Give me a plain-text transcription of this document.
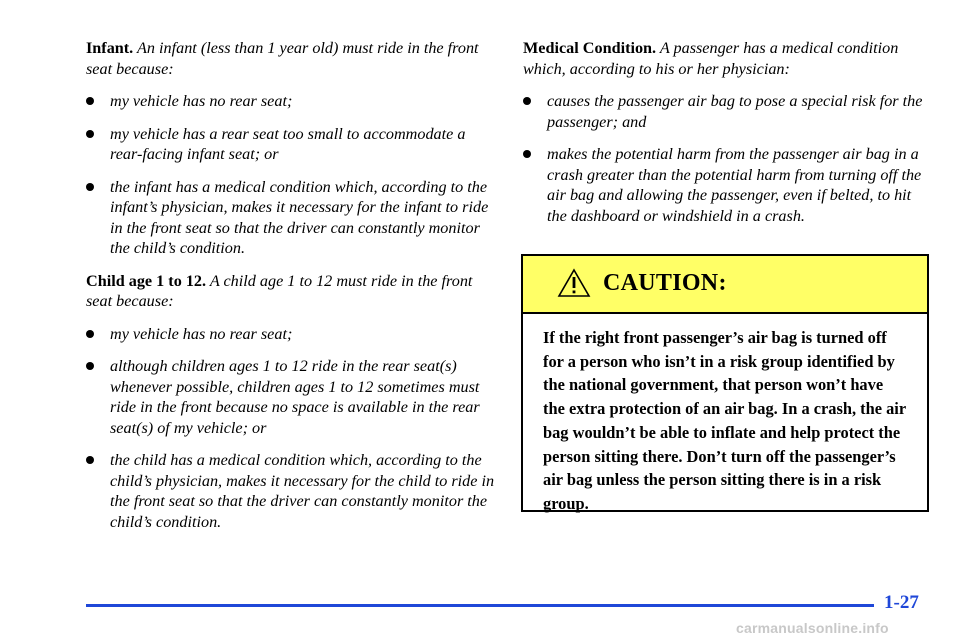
Infant. An infant (less than 1 year old) must ride in the front seat because:

my vehicle has no rear seat;
my vehicle has a rear seat too small to accommodate a rear-facing infant seat; or
the infant has a medical condition which, according to the infant’s physician, makes it necessary for the infant to ride in the front seat so that the driver can constantly monitor the child’s condition.

Child age 1 to 12. A child age 1 to 12 must ride in the front seat because:

my vehicle has no rear seat;
although children ages 1 to 12 ride in the rear seat(s) whenever possible, children ages 1 to 12 sometimes must ride in the front because no space is available in the rear seat(s) of my vehicle; or
the child has a medical condition which, according to the child’s physician, makes it necessary for the child to ride in the front seat so that the driver can constantly monitor the child’s condition.

Medical Condition. A passenger has a medical condition which, according to his or her physician:

causes the passenger air bag to pose a special risk for the passenger; and
makes the potential harm from the passenger air bag in a crash greater than the potential harm from turning off the air bag and allowing the passenger, even if belted, to hit the dashboard or windshield in a crash.
CAUTION:

If the right front passenger’s air bag is turned off for a person who isn’t in a risk group identified by the national government, that person won’t have the extra protection of an air bag. In a crash, the air bag wouldn’t be able to inflate and help protect the person sitting there. Don’t turn off the passenger’s air bag unless the person sitting there is in a risk group.

1-27
carmanualsonline.info
